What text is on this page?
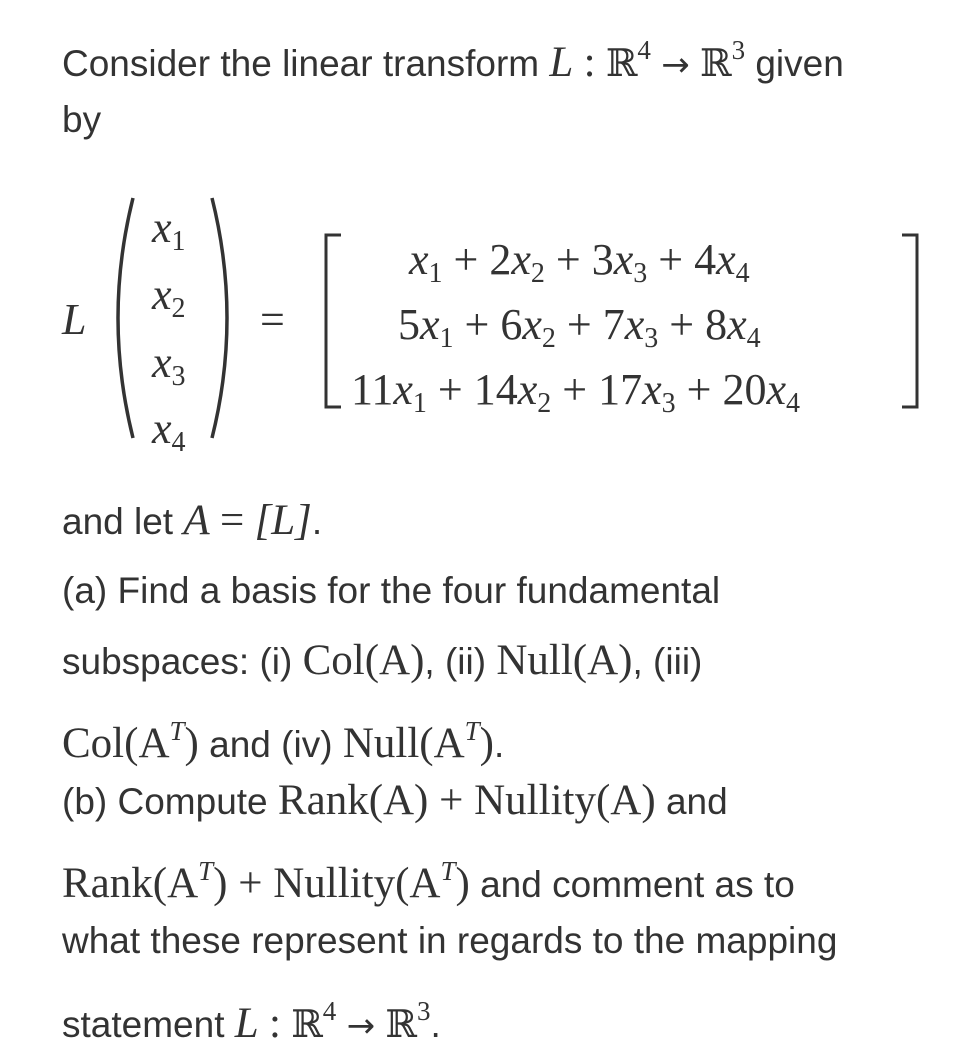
Consider the linear transform L : ℝ$^4$ → ℝ$^3$ given
by
L
$x_1$
$x_2$
$x_3$
$x_4$
=
$x_1 + 2x_2 + 3x_3 + 4x_4$
$5x_1 + 6x_2 + 7x_3 + 8x_4$
$11x_1 + 14x_2 + 17x_3 + 20x_4$
and let A = [L].
(a) Find a basis for the four fundamental
subspaces: (i) Col(A), (ii) Null(A), (iii)
$Col(A^T)$ and (iv) $Null(A^T)$.
(b) Compute Rank(A) + Nullity(A) and
$Rank(A^T)$ + $Nullity(A^T)$ and comment as to
what these represent in regards to the mapping
statement L : ℝ$^4$ → ℝ$^3$.
